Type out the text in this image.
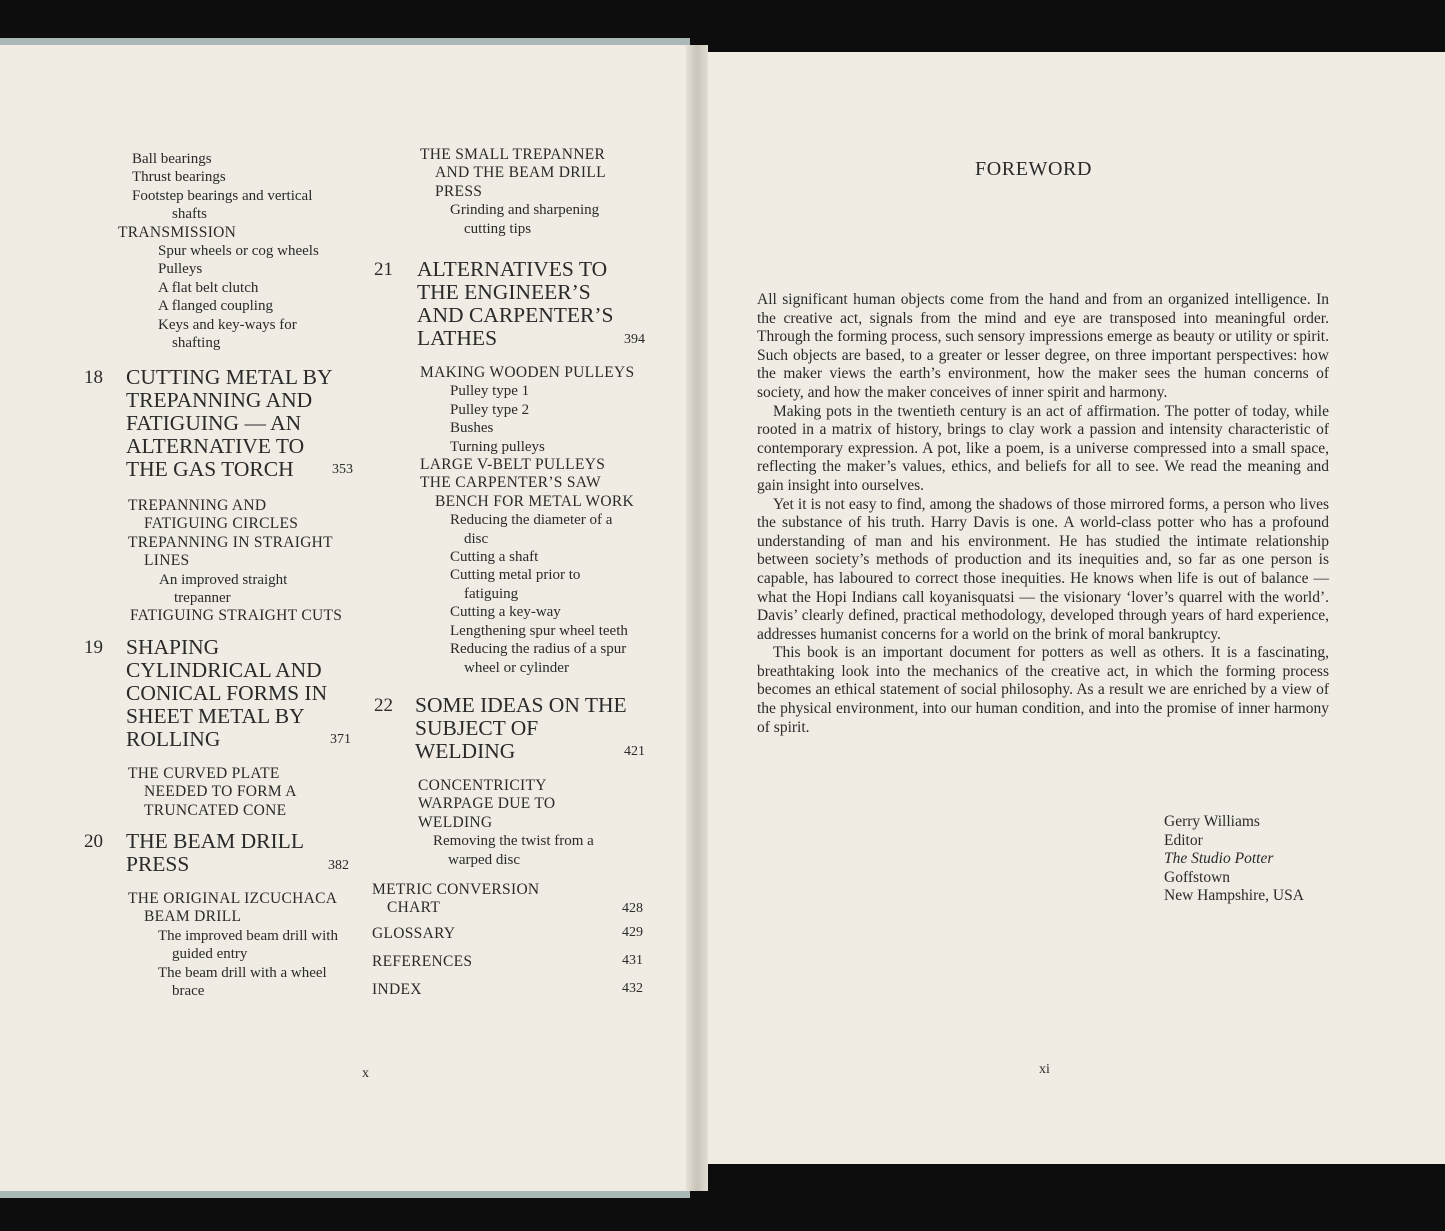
Ball bearings
Thrust bearings
Footstep bearings and vertical
shafts
TRANSMISSION
Spur wheels or cog wheels
Pulleys
A flat belt clutch
A flanged coupling
Keys and key-ways for
shafting
18 CUTTING METAL BY
TREPANNING AND
FATIGUING — AN
ALTERNATIVE TO
THE GAS TORCH	353
TREPANNING AND
FATIGUING CIRCLES
TREPANNING IN STRAIGHT
LINES
An improved straight
trepanner
FATIGUING STRAIGHT CUTS
19 SHAPING
CYLINDRICAL AND
CONICAL FORMS IN
SHEET METAL BY
ROLLING	371
THE CURVED PLATE
NEEDED TO FORM A
TRUNCATED CONE
20 THE BEAM DRILL
PRESS	382
THE ORIGINAL IZCUCHACA
BEAM DRILL
The improved beam drill with
guided entry
The beam drill with a wheel
brace
THE SMALL TREPANNER
AND THE BEAM DRILL
PRESS
Grinding and sharpening
cutting tips
21 ALTERNATIVES TO
THE ENGINEER’S
AND CARPENTER’S
LATHES	394
MAKING WOODEN PULLEYS
Pulley type 1
Pulley type 2
Bushes
Turning pulleys
LARGE V-BELT PULLEYS
THE CARPENTER’S SAW
BENCH FOR METAL WORK
Reducing the diameter of a
disc
Cutting a shaft
Cutting metal prior to
fatiguing
Cutting a key-way
Lengthening spur wheel teeth
Reducing the radius of a spur
wheel or cylinder
22 SOME IDEAS ON THE
SUBJECT OF
WELDING	421
CONCENTRICITY
WARPAGE DUE TO
WELDING
Removing the twist from a
warped disc
METRIC CONVERSION
CHART	428
GLOSSARY	429
REFERENCES	431
INDEX	432
x
FOREWORD

All significant human objects come from the hand and from an organized intelligence. In the creative act, signals from the mind and eye are transposed into meaningful order. Through the forming process, such sensory impressions emerge as beauty or utility or spirit. Such objects are based, to a greater or lesser degree, on three important perspectives: how the maker views the earth’s environment, how the maker sees the human concerns of society, and how the maker conceives of inner spirit and harmony.

Making pots in the twentieth century is an act of affirmation. The potter of today, while rooted in a matrix of history, brings to clay work a passion and intensity characteristic of contemporary expression. A pot, like a poem, is a universe compressed into a small space, reflecting the maker’s values, ethics, and beliefs for all to see. We read the meaning and gain insight into ourselves.

Yet it is not easy to find, among the shadows of those mirrored forms, a person who lives the substance of his truth. Harry Davis is one. A world-class potter who has a profound understanding of man and his environment. He has studied the intimate relationship between society’s methods of production and its inequities and, so far as one person is capable, has laboured to correct those inequities. He knows when life is out of balance — what the Hopi Indians call koyanisquatsi — the visionary ‘lover’s quarrel with the world’. Davis’ clearly defined, practical methodology, developed through years of hard experience, addresses humanist concerns for a world on the brink of moral bankruptcy.

This book is an important document for potters as well as others. It is a fascinating, breathtaking look into the mechanics of the creative act, in which the forming process becomes an ethical statement of social philosophy. As a result we are enriched by a view of the physical environment, into our human condition, and into the promise of inner harmony of spirit.

Gerry Williams
Editor
The Studio Potter
Goffstown
New Hampshire, USA
xi
